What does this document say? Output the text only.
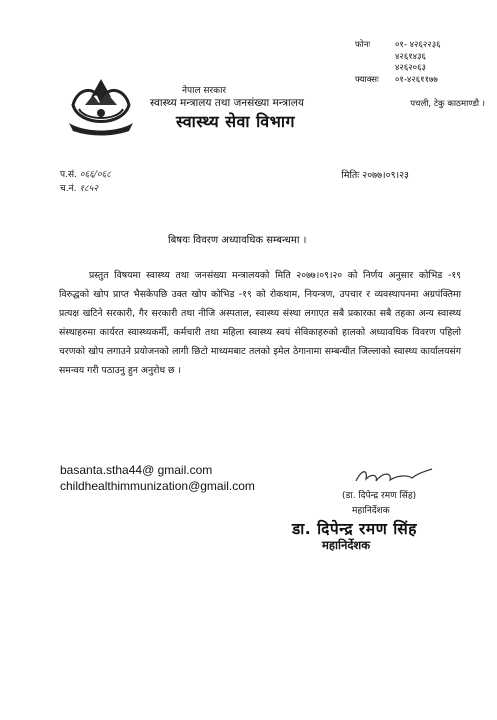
फोनः	०१- ४२६२२३६
४२६१४३६
४२६२०६३
फ्याक्सः	०१-४२६११७७
पचली, टेकु काठमाण्डौ ।
नेपाल सरकार
स्वास्थ्य मन्त्रालय तथा जनसंख्या मन्त्रालय
स्वास्थ्य सेवा विभाग
प.सं. ०६६/०६८
च.नं. १८५२
मितिः २०७७।०९।२३
बिषयः विवरण अध्यावधिक सम्बन्धमा ।
प्रस्तुत विषयमा स्वास्थ्य तथा जनसंख्या मन्त्रालयको मिति २०७७।०९।२० को निर्णय अनुसार कोभिड -१९ विरुद्धको खोप प्राप्त भैसकेपछि उक्त खोप कोभिड -१९ को रोकथाम, नियन्त्रण, उपचार र व्यवस्थापनमा अग्रपंक्तिमा प्रत्यक्ष खटिने सरकारी, गैर सरकारी तथा नीजि अस्पताल, स्वास्थ्य संस्था लगाएत सबै प्रकारका सबै तहका अन्य स्वास्थ्य संस्थाहरुमा कार्यरत स्वास्थ्यकर्मी, कर्मचारी तथा महिला स्वास्थ्य स्वयं सेविकाहरुको हालको अध्यावधिक विवरण पहिलो चरणको खोप लगाउने प्रयोजनको लागी छिटो माध्यमबाट तलको इमेल ठेगानामा सम्बन्धीत जिल्लाको स्वास्थ्य कार्यालयसंग समन्वय गरी पठाउनु हुन अनुरोध छ ।
basanta.stha44@ gmail.com
childhealthimmunization@gmail.com
(डा. दिपेन्द्र रमण सिंह)
महानिर्देशक
डा. दिपेन्द्र रमण सिंह
महानिर्देशक
